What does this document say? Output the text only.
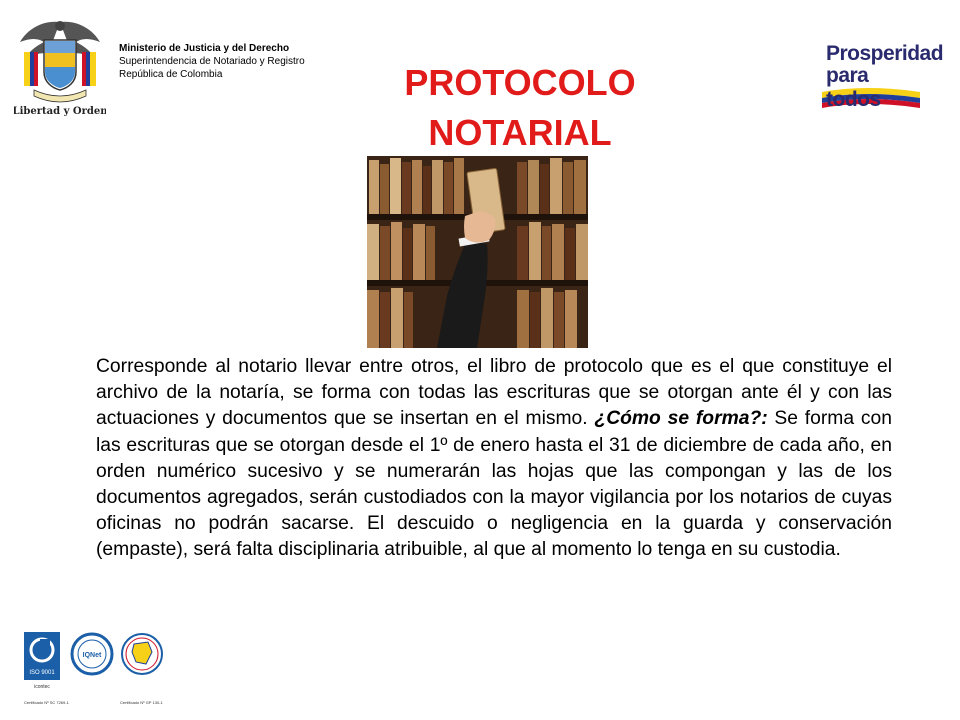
Libertad y Orden
Ministerio de Justicia y del Derecho
Superintendencia de Notariado y Registro
República de Colombia	PROTOCOLO
NOTARIAL
Prosperidad
para todos
Corresponde al notario llevar entre otros, el libro de protocolo que es el que constituye el archivo de la notaría, se forma con todas las escrituras que se otorgan ante él y con las actuaciones y documentos que se insertan en el mismo. ¿Cómo se forma?: Se forma con las escrituras que se otorgan desde el 1º de enero hasta el 31 de diciembre de cada año, en orden numérico sucesivo y se numerarán las hojas que las compongan y las de los documentos agregados, serán custodiados con la mayor vigilancia por los notarios de cuyas oficinas no podrán sacarse. El descuido o negligencia en la guarda y conservación (empaste), será falta disciplinaria atribuible, al que al momento lo tenga en su custodia.
ISO 9001
icontec
IQNet
Certificado Nº SC 7269-1	Certificado Nº GP 130-1
